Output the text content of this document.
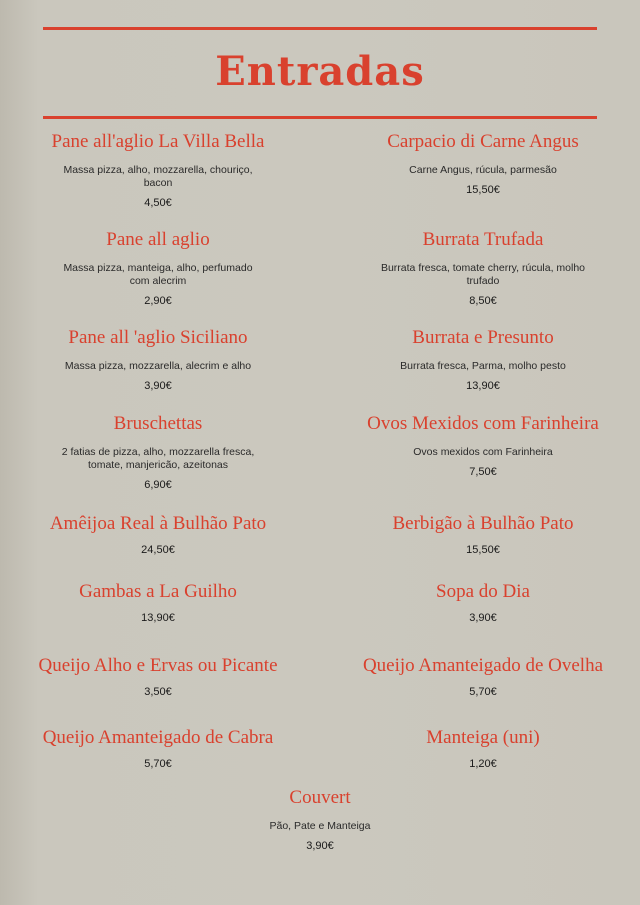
Entradas
Pane all'aglio La Villa Bella
Massa pizza, alho, mozzarella, chouriço, bacon
4,50€
Pane all aglio
Massa pizza, manteiga, alho, perfumado com alecrim
2,90€
Pane all 'aglio Siciliano
Massa pizza, mozzarella, alecrim e alho
3,90€
Bruschettas
2 fatias de pizza, alho, mozzarella fresca, tomate, manjericão, azeitonas
6,90€
Amêijoa Real à Bulhão Pato
24,50€
Gambas a La Guilho
13,90€
Queijo Alho e Ervas ou Picante
3,50€
Queijo Amanteigado de Cabra
5,70€
Carpacio di Carne Angus
Carne Angus, rúcula, parmesão
15,50€
Burrata Trufada
Burrata fresca, tomate cherry, rúcula, molho trufado
8,50€
Burrata e Presunto
Burrata fresca, Parma, molho pesto
13,90€
Ovos Mexidos com Farinheira
Ovos mexidos com Farinheira
7,50€
Berbigão à Bulhão Pato
15,50€
Sopa do Dia
3,90€
Queijo Amanteigado de Ovelha
5,70€
Manteiga (uni)
1,20€
Couvert
Pão, Pate e Manteiga
3,90€
